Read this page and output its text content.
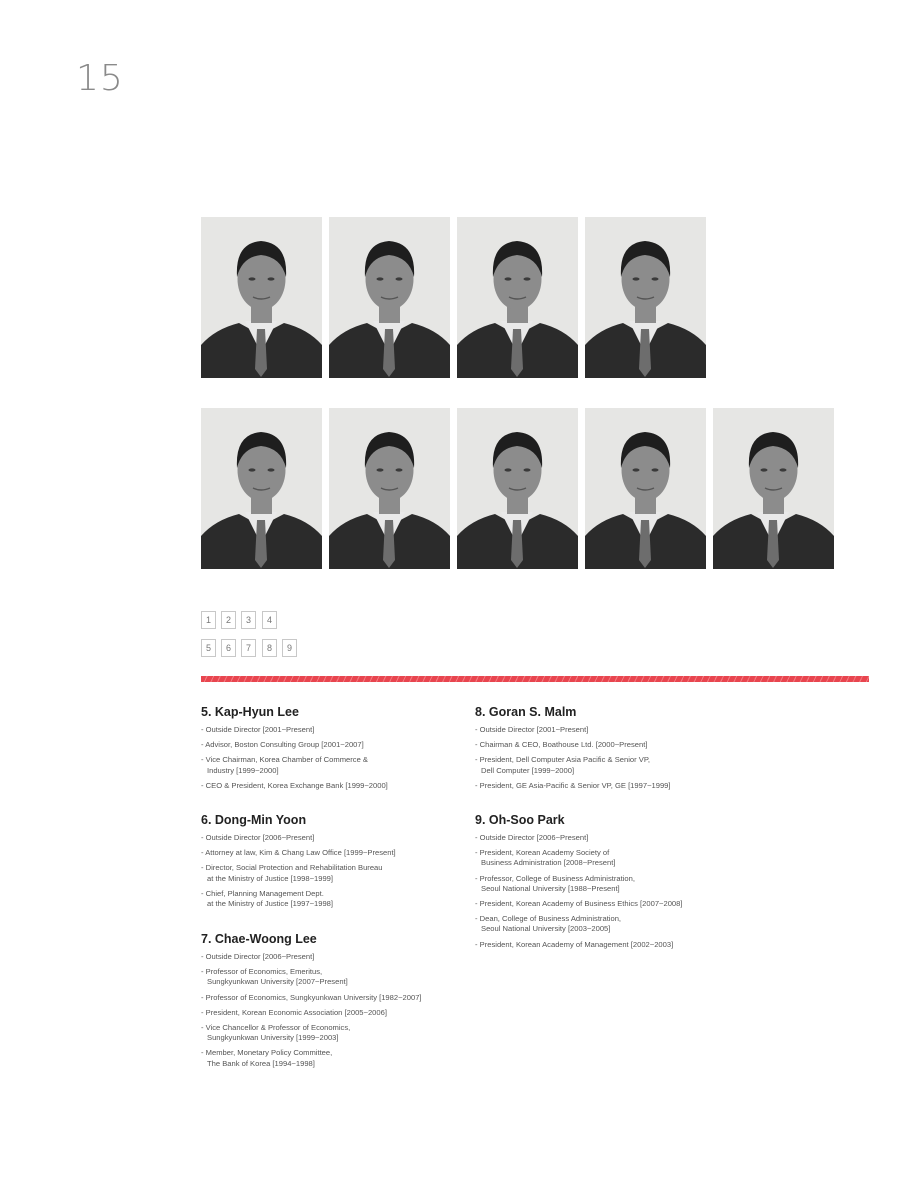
15
1	2	3	4
5	6	7	8	9
5. Kap-Hyun Lee
- Outside Director [2001~Present]
- Advisor, Boston Consulting Group [2001~2007]
- Vice Chairman, Korea Chamber of Commerce &
Industry [1999~2000]
- CEO & President, Korea Exchange Bank [1999~2000]
6. Dong-Min Yoon
- Outside Director [2006~Present]
- Attorney at law, Kim & Chang Law Office [1999~Present]
- Director, Social Protection and Rehabilitation Bureau
at the Ministry of Justice [1998~1999]
- Chief, Planning Management Dept.
at the Ministry of Justice [1997~1998]
7. Chae-Woong Lee
- Outside Director [2006~Present]
- Professor of Economics, Emeritus,
Sungkyunkwan University [2007~Present]
- Professor of Economics, Sungkyunkwan University [1982~2007]
- President, Korean Economic Association [2005~2006]
- Vice Chancellor & Professor of Economics,
Sungkyunkwan University [1999~2003]
- Member, Monetary Policy Committee,
The Bank of Korea [1994~1998]
8. Goran S. Malm
- Outside Director [2001~Present]
- Chairman & CEO, Boathouse Ltd. [2000~Present]
- President, Dell Computer Asia Pacific & Senior VP,
Dell Computer [1999~2000]
- President, GE Asia-Pacific & Senior VP, GE [1997~1999]
9. Oh-Soo Park
- Outside Director [2006~Present]
- President, Korean Academy Society of
Business Administration [2008~Present]
- Professor, College of Business Administration,
Seoul National University [1988~Present]
- President, Korean Academy of Business Ethics [2007~2008]
- Dean, College of Business Administration,
Seoul National University [2003~2005]
- President, Korean Academy of Management [2002~2003]
